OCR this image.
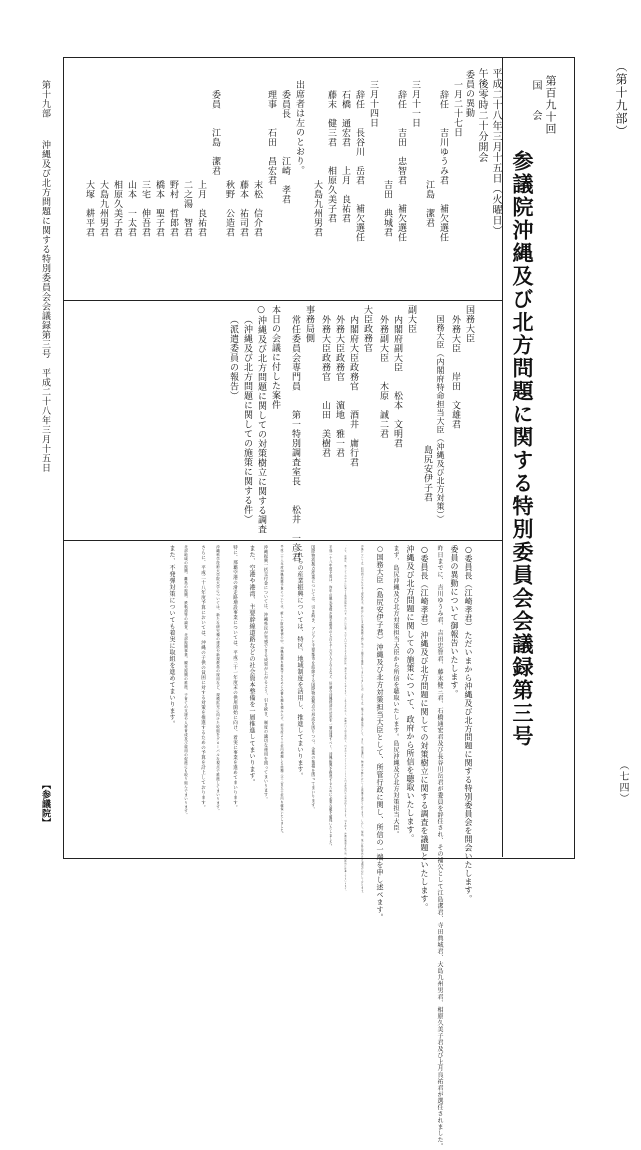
（第十九部）
（七四）
第百九十回
国　　会
参議院沖縄及び北方問題に関する特別委員会会議録第三号
平成二十八年三月十五日（火曜日）
午後零時二十分開会
委員の異動
一月二十七日
辞任　　吉川ゆうみ君　　補欠選任
江島　潔君
三月十一日
辞任　　吉田　忠智君　　補欠選任
吉田　典城君
三月十四日
辞任　　長谷川　岳君　　補欠選任
石橋　通宏君　　上月　良祐君
藤末　健三君　　相原久美子君
大島九州男君
出席者は左のとおり。
委員長　　　　江崎　孝君
理事　　石田　昌宏君
末松　信介君
藤本　祐司君
秋野　公造君
委員　　江島　潔君
上月　良祐君
二之湯　智君
野村　哲郎君
橋本　聖子君
三宅　伸吾君
山本　一太君
相原久美子君
大島九州男君
大塚　耕平君
国務大臣
外務大臣　　岸田　文雄君
国務大臣（内閣府特命担当大臣（沖縄及び北方対策））
島尻安伊子君
副大臣
内閣府副大臣　　松本　文明君
外務副大臣　　木原　誠二君
大臣政務官
内閣府大臣政務官　　酒井　庸行君
外務大臣政務官　　濵地　雅一君
外務大臣政務官　　山田　美樹君
事務局側
常任委員会専門員　　第一特別調査室長　　松井　一彦君
本日の会議に付した案件
○沖縄及び北方問題に関しての対策樹立に関する調査
（沖縄及び北方問題に関しての施策に関する件）
（派遣委員の報告）
○委員長（江崎孝君）ただいまから沖縄及び北方問題に関する特別委員会を開会いたします。
委員の異動について御報告いたします。
昨日までに、吉川ゆうみ君、吉田忠智君、藤末健三君、石橋通宏君及び長谷川岳君が委員を辞任され、その補欠として江島潔君、寺田典城君、大島九州男君、相原久美子君及び上月良祐君が選任されました。
○委員長（江崎孝君）沖縄及び北方問題に関しての対策樹立に関する調査を議題といたします。
沖縄及び北方問題に関しての施策について、政府から所信を聴取いたします。
まず、島尻沖縄及び北方対策担当大臣から所信を聴取いたします。島尻沖縄及び北方対策担当大臣。
○国務大臣（島尻安伊子君）沖縄及び北方対策担当大臣として、所管行政に関し、所信の一端を申し述べます。
沖縄については、昭和四十七年の本土復帰以来、数次にわたる沖縄振興計画に基づく施策を推進してまいりましたが、今日では、魅力ある観光地として、また、情報通信、物流の分野においても発展を遂げております。しかし、依然、低い県民所得など課題が存在しております。
一方で、沖縄は、東アジアの中心に位置する地理的特性や日本一高い出生率、若年人口の多さなどの優位性、潜在力を有しております。これらを生かし、沖縄が自立的な発展し、日本のフロントランナーとして日本経済再生の牽引役となるよう、引き続き、沖縄振興策を総合的、積極的に推進してまいります。
平成二十八年度予算は、昨年の観光客数が過去最高の七百七十六万人となるなど、好調な沖縄経済の状況を一層加速すべく、沖縄振興を推進するために必要な額を確保いたしました。
国際物流拠点産業については、引き続き、アジアと主要都市を結節する国際物流拠点の形成を図りつつ、企業の集積を図ってまいります。
これらの産業振興については、特区、地域制度を活用し、推進してまいります。
平成二十八年度沖縄振興予算については、厳しい財政事情の中、沖縄振興を推進するために必要な額を積み上げ、前年度より十億円増額した総額三千三百五十億円を確保いたしました。
沖縄振興一括交付金については、沖縄県民が実感できる成果が上がるよう、引き続き、制度の適切な運用を図ってまいります。
また、空港や港湾、主要幹線道路などの社会資本整備を一層推進してまいります。
特に、那覇空港の滑走路増設事業については、平成三十一年度末の供用開始に向け、着実に事業を進めてまいります。
沖縄科学技術大学院大学については、新たな研究棟の建設や新規教員の採用など、規模拡充に向けた取組をグローバルな視点で推進してまいります。
さらに、平成二十八年度予算においては、沖縄の子供の貧困に対する対策を推進するための予算を計上しております。
北部地域の振興、離島の振興、鉄軌道等の調査、北部振興事業、観光振興の推進、子育ての支援や人材育成及び雇用の促進にも取り組んでまいります。
また、不発弾対策についても着実に取組を進めてまいります。
第十九部
沖縄及び北方問題に関する特別委員会会議録第三号　平成二十八年三月十五日
【参議院】
